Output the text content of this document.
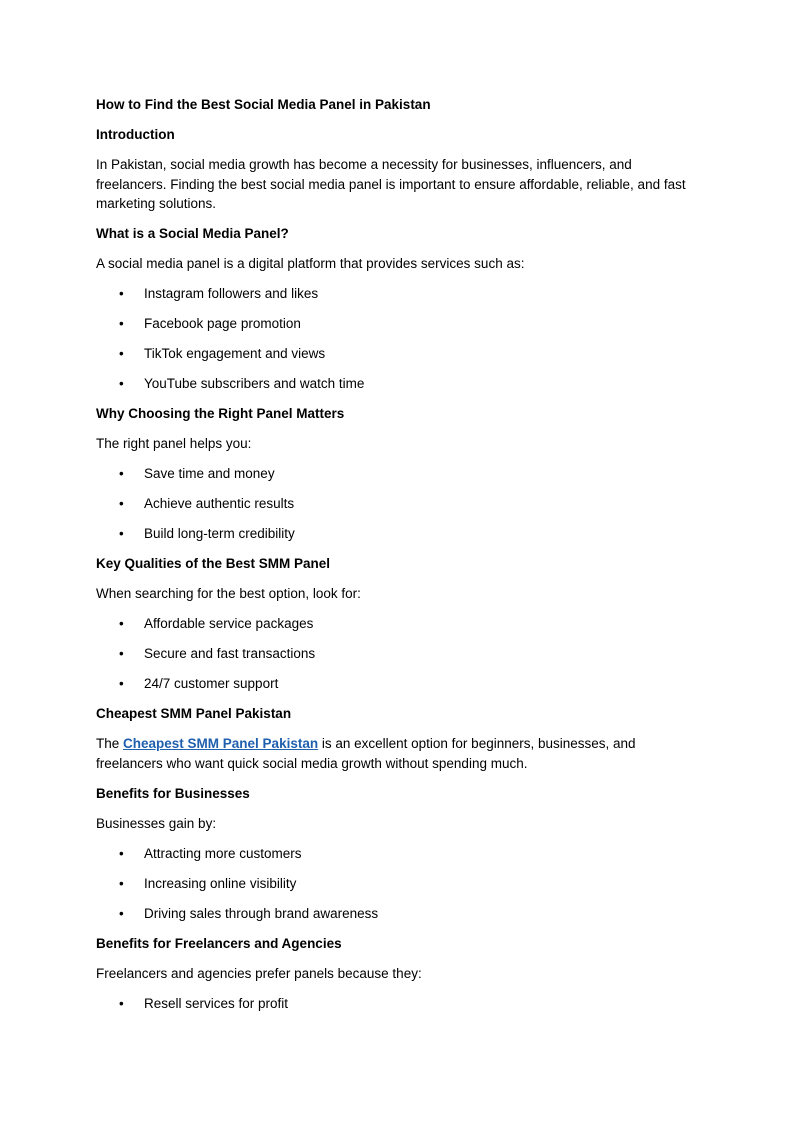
How to Find the Best Social Media Panel in Pakistan

Introduction

In Pakistan, social media growth has become a necessity for businesses, influencers, and freelancers. Finding the best social media panel is important to ensure affordable, reliable, and fast marketing solutions.

What is a Social Media Panel?

A social media panel is a digital platform that provides services such as:

• Instagram followers and likes
• Facebook page promotion
• TikTok engagement and views
• YouTube subscribers and watch time

Why Choosing the Right Panel Matters

The right panel helps you:

• Save time and money
• Achieve authentic results
• Build long-term credibility

Key Qualities of the Best SMM Panel

When searching for the best option, look for:

• Affordable service packages
• Secure and fast transactions
• 24/7 customer support

Cheapest SMM Panel Pakistan

The Cheapest SMM Panel Pakistan is an excellent option for beginners, businesses, and freelancers who want quick social media growth without spending much.

Benefits for Businesses

Businesses gain by:

• Attracting more customers
• Increasing online visibility
• Driving sales through brand awareness

Benefits for Freelancers and Agencies

Freelancers and agencies prefer panels because they:

• Resell services for profit
